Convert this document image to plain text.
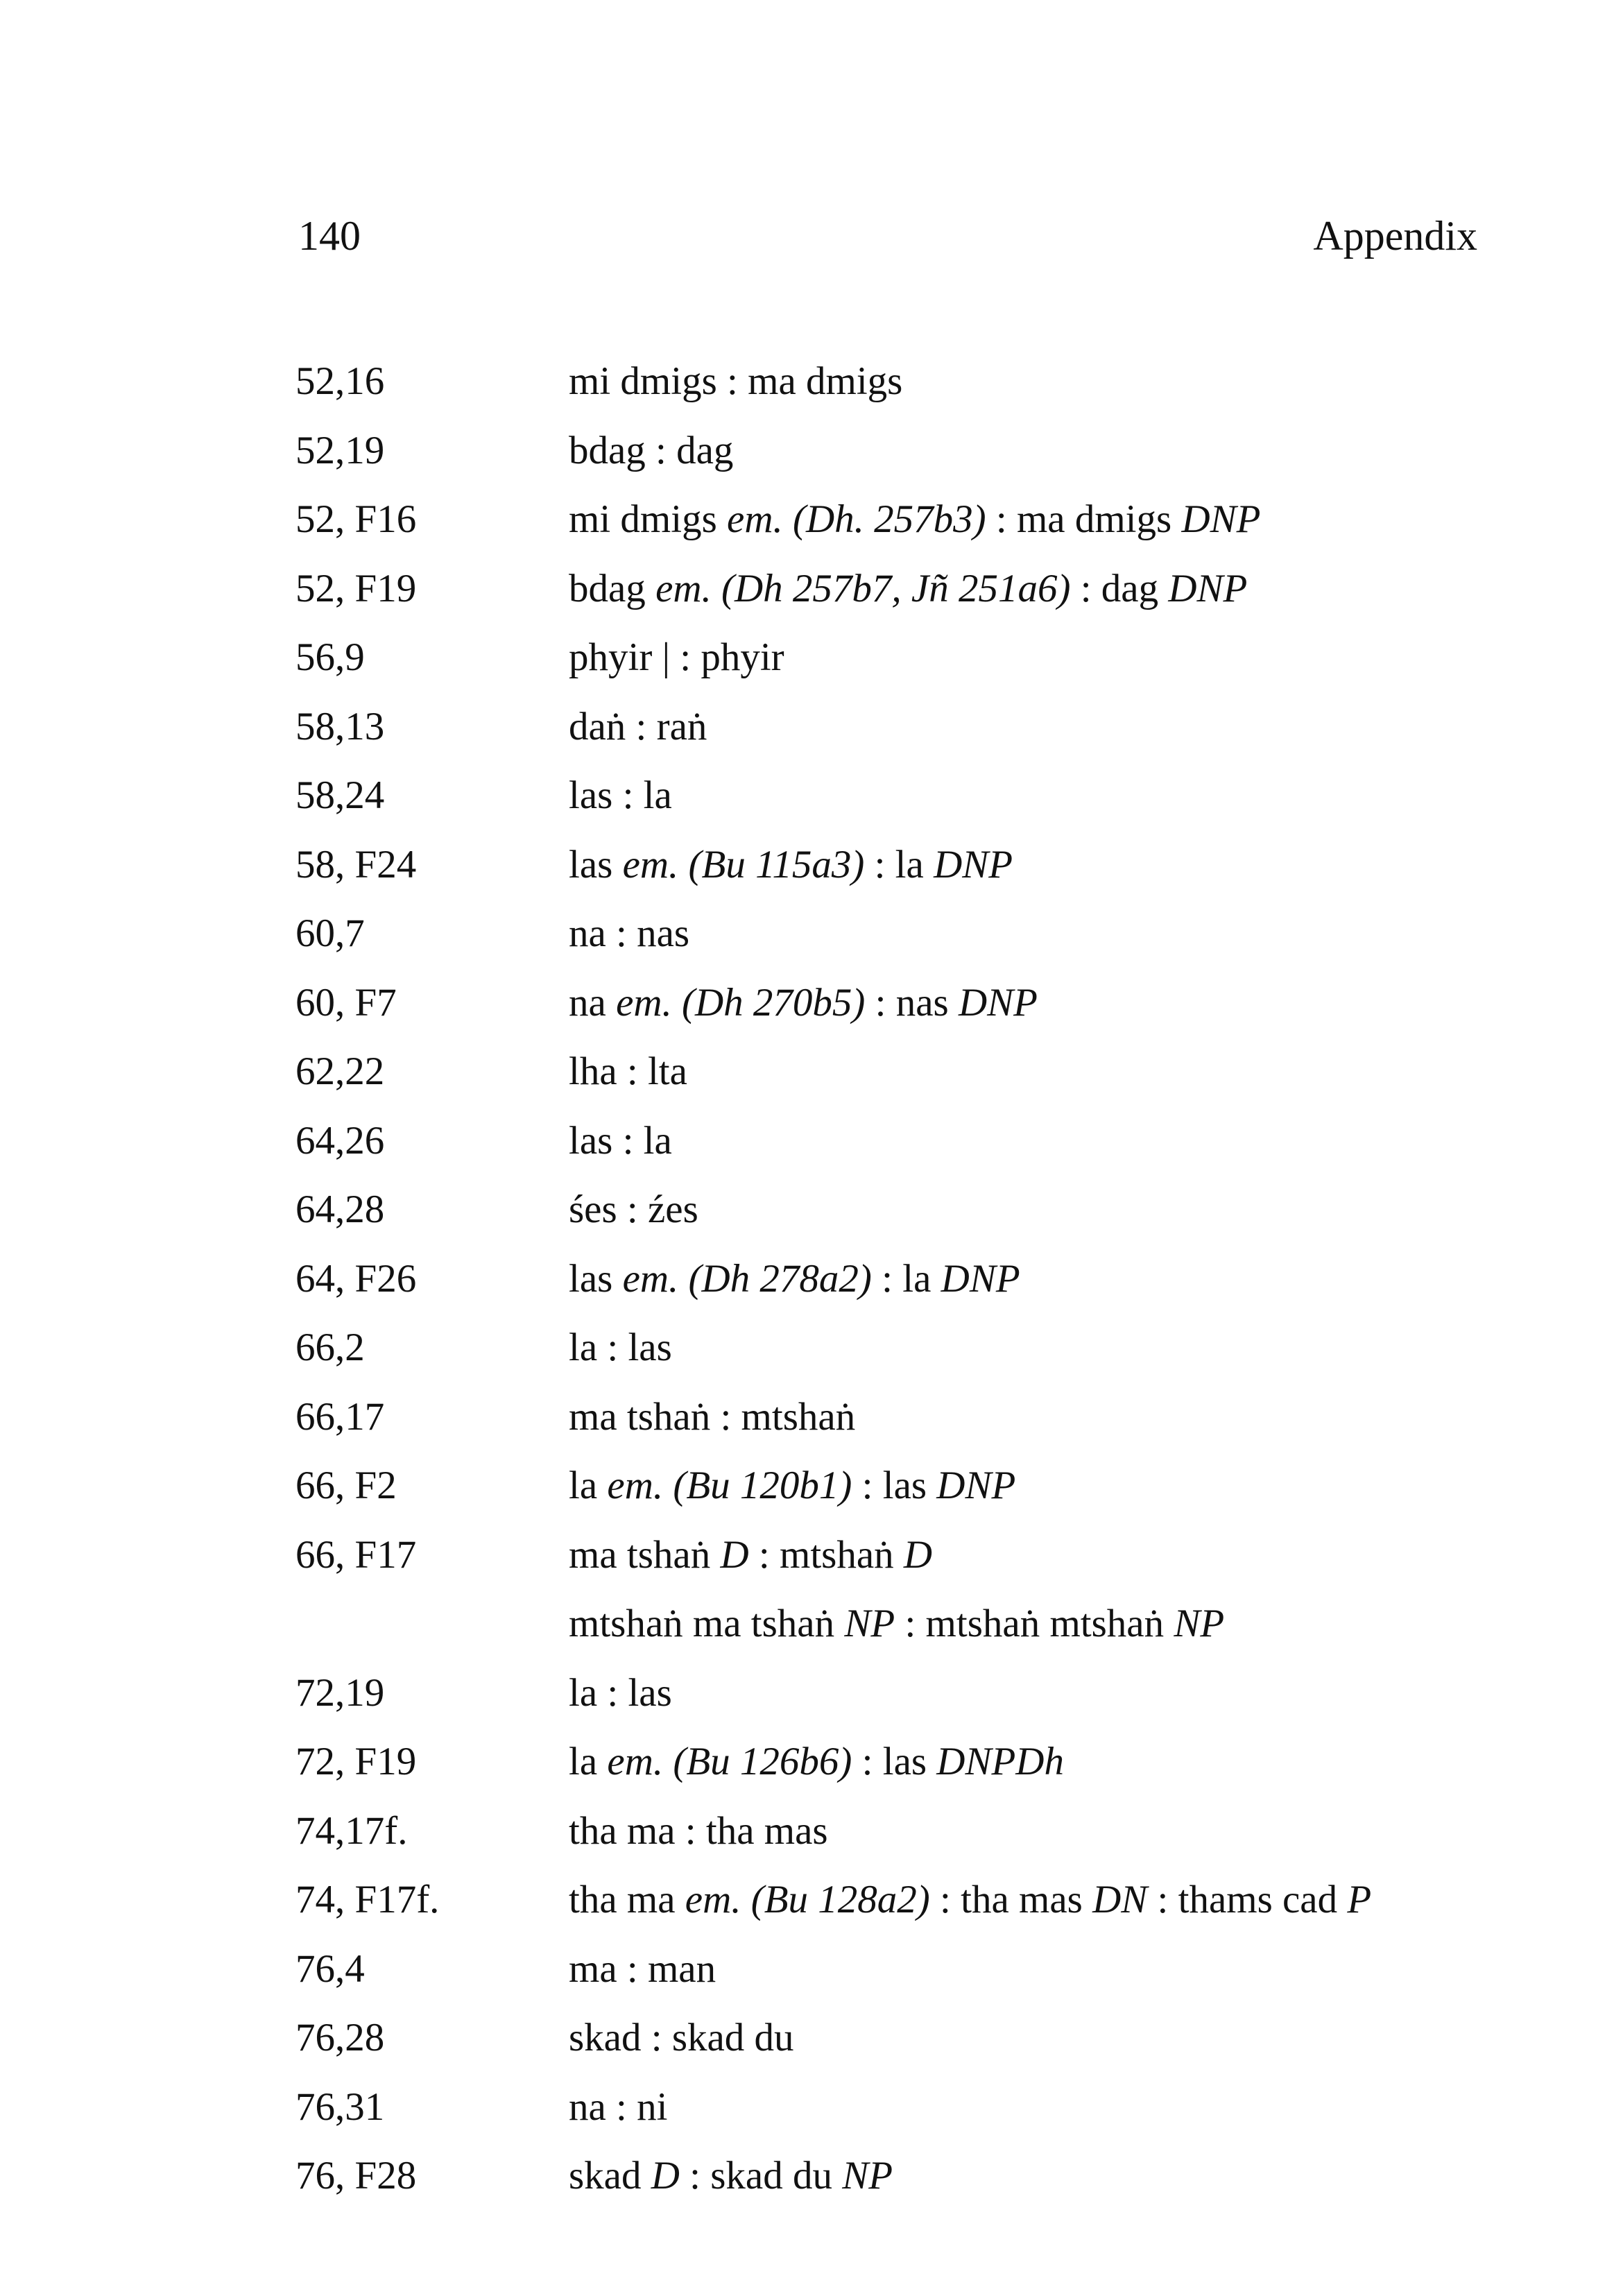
140	Appendix
52,16	mi dmigs : ma dmigs
52,19	bdag : dag
52, F16	mi dmigs em. (Dh. 257b3) : ma dmigs DNP
52, F19	bdag em. (Dh 257b7, Jñ 251a6) : dag DNP
56,9	phyir | : phyir
58,13	daṅ : raṅ
58,24	las : la
58, F24	las em. (Bu 115a3) : la DNP
60,7	na : nas
60, F7	na em. (Dh 270b5) : nas DNP
62,22	lha : lta
64,26	las : la
64,28	śes : źes
64, F26	las em. (Dh 278a2) : la DNP
66,2	la : las
66,17	ma tshaṅ : mtshaṅ
66, F2	la em. (Bu 120b1) : las DNP
66, F17	ma tshaṅ D : mtshaṅ D
mtshaṅ ma tshaṅ NP : mtshaṅ mtshaṅ NP
72,19	la : las
72, F19	la em. (Bu 126b6) : las DNPDh
74,17f.	tha ma : tha mas
74, F17f.	tha ma em. (Bu 128a2) : tha mas DN : thams cad P
76,4	ma : man
76,28	skad : skad du
76,31	na : ni
76, F28	skad D : skad du NP
